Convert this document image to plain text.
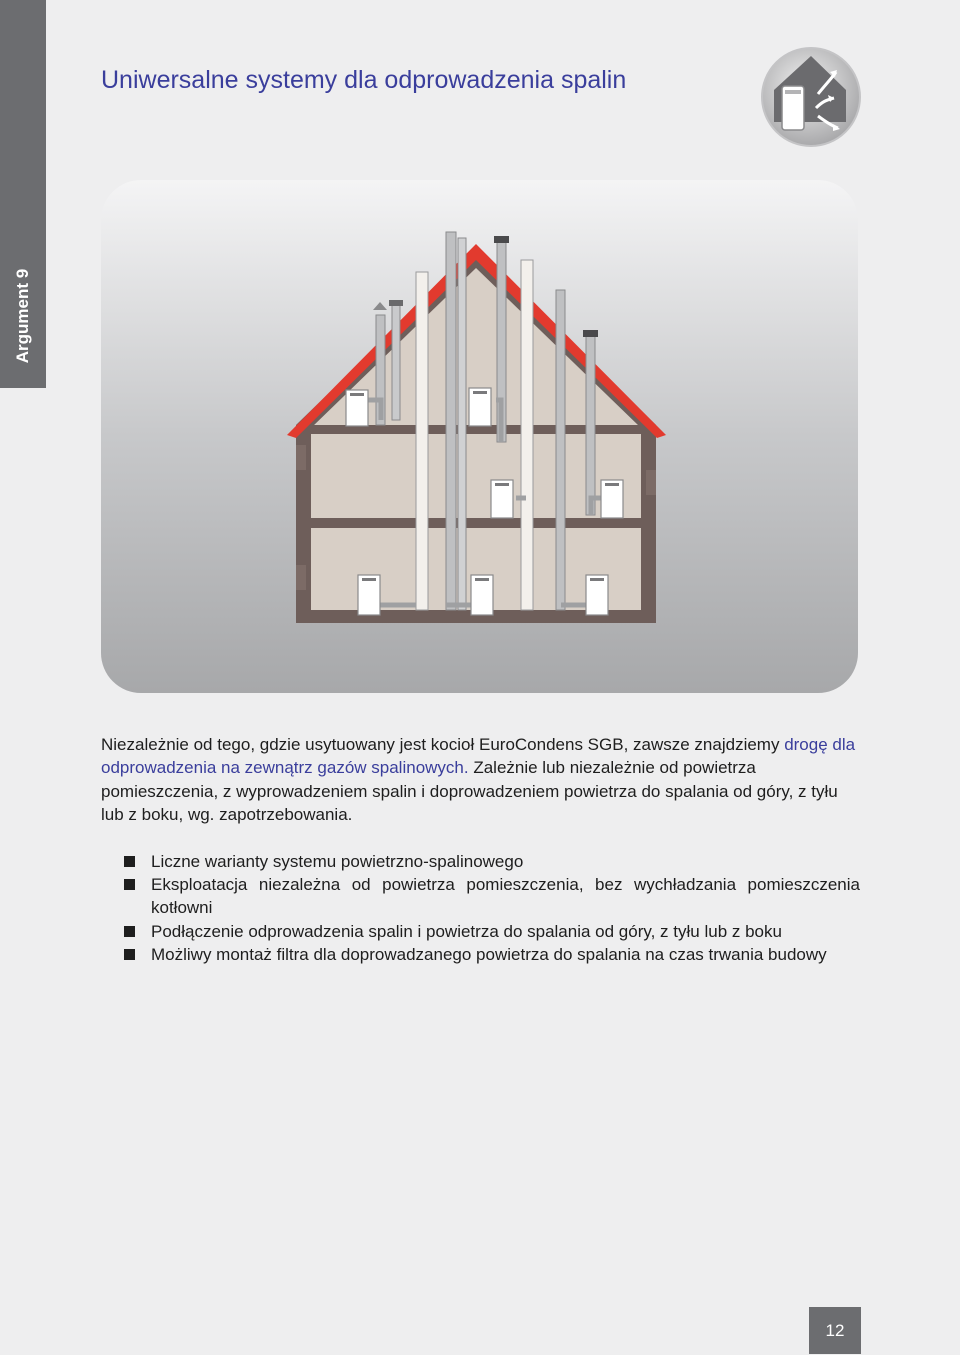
Argument 9
Uniwersalne systemy dla odprowadzenia spalin

Niezależnie od tego, gdzie usytuowany jest kocioł EuroCondens SGB, zawsze znajdziemy drogę dla odprowadzenia na zewnątrz gazów spalinowych. Zależnie lub niezależnie od powietrza pomieszczenia, z wyprowadzeniem spalin i doprowadzeniem powietrza do spalania od góry, z tyłu lub z boku, wg. zapotrzebowania.

Liczne warianty systemu powietrzno-spalinowego
Eksploatacja niezależna od powietrza pomieszczenia, bez wychładzania pomieszczenia kotłowni
Podłączenie odprowadzenia spalin i powietrza do spalania od góry, z tyłu lub z boku
Możliwy montaż filtra dla doprowadzanego powietrza do spalania na czas trwania budowy
12
